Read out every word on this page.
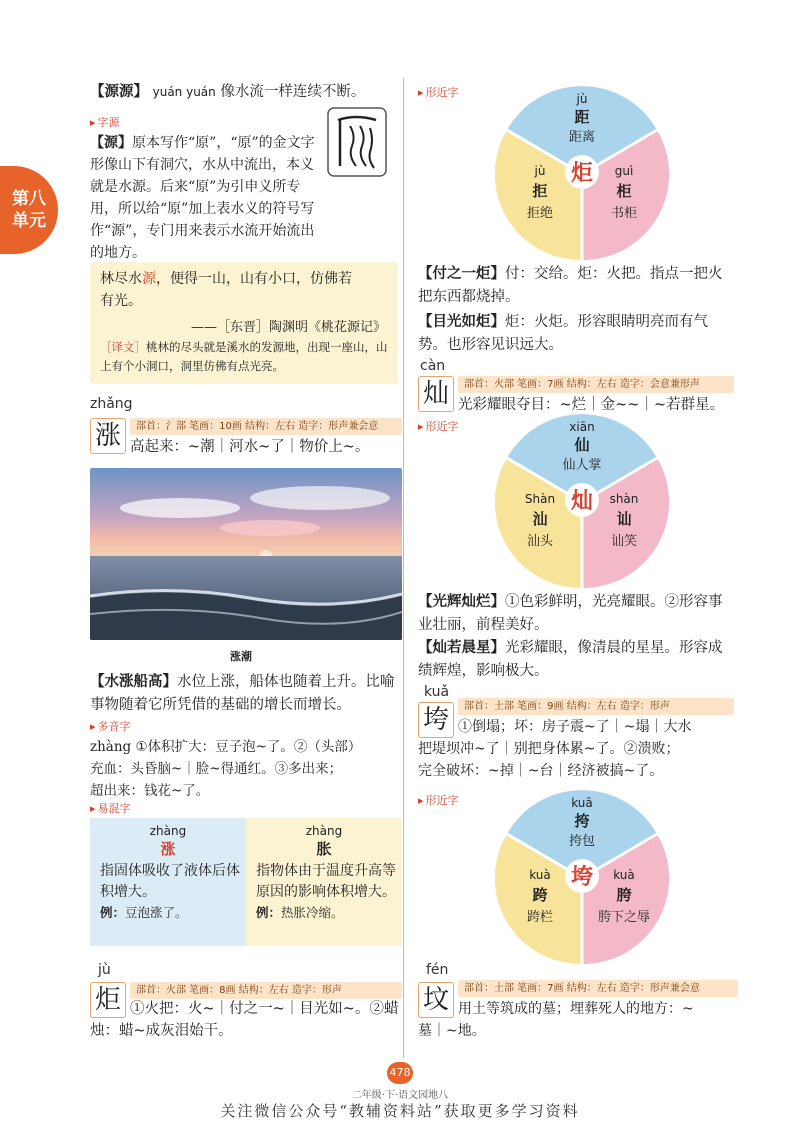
第八
单元
【源源】 yuán yuán 像水流一样连续不断。
▸ 字源
【源】原本写作“原”，“原”的金文字形像山下有洞穴，水从中流出，本义就是水源。后来“原”为引申义所专用，所以给“原”加上表水义的符号写作“源”，专门用来表示水流开始流出的地方。
林尽水源，便得一山，山有小口，仿佛若
有光。
——［东晋］陶渊明《桃花源记》
［译文］桃林的尽头就是溪水的发源地，出现一座山，山上有个小洞口，洞里仿佛有点光亮。
zhǎng
涨	部首：氵部 笔画：10画 结构：左右 造字：形声兼会意
高起来：~潮｜河水~了｜物价上~。
涨潮
【水涨船高】水位上涨，船体也随着上升。比喻事物随着它所凭借的基础的增长而增长。
▸ 多音字
zhàng ①体积扩大：豆子泡~了。②（头部）
充血：头昏脑~｜脸~得通红。③多出来；
超出来：钱花~了。
▸ 易混字
zhàng
涨
指固体吸收了液体后体积增大。
例：豆泡涨了。
zhàng
胀
指物体由于温度升高等原因的影响体积增大。
例：热胀冷缩。
jù
炬	部首：火部 笔画：8画 结构：左右 造字：形声
①火把：火~｜付之一~｜目光如~。②蜡
烛：蜡~成灰泪始干。
▸ 形近字
炬
jù
距
距离
jù
拒
拒绝
guì
柜
书柜
【付之一炬】付：交给。炬：火把。指点一把火把东西都烧掉。
【目光如炬】炬：火炬。形容眼睛明亮而有气势。也形容见识远大。
càn
灿	部首：火部 笔画：7画 结构：左右 造字：会意兼形声
光彩耀眼夺目：~烂｜金~~｜~若群星。
▸ 形近字
灿
xiān
仙
仙人掌
Shàn
汕
汕头
shàn
讪
讪笑
【光辉灿烂】①色彩鲜明，光亮耀眼。②形容事业壮丽，前程美好。
【灿若晨星】光彩耀眼，像清晨的星星。形容成绩辉煌，影响极大。
kuǎ
垮	部首：土部 笔画：9画 结构：左右 造字：形声
①倒塌；坏：房子震~了｜~塌｜大水
把堤坝冲~了｜别把身体累~了。②溃败；
完全破坏：~掉｜~台｜经济被搞~了。
▸ 形近字
垮
kuā
挎
挎包
kuà
跨
跨栏
kuà
胯
胯下之辱
fén
坟	部首：土部 笔画：7画 结构：左右 造字：形声兼会意
用土等筑成的墓；埋葬死人的地方：~
墓｜~地。
478
二年级·下·语文园地八
关注微信公众号“教辅资料站”获取更多学习资料
